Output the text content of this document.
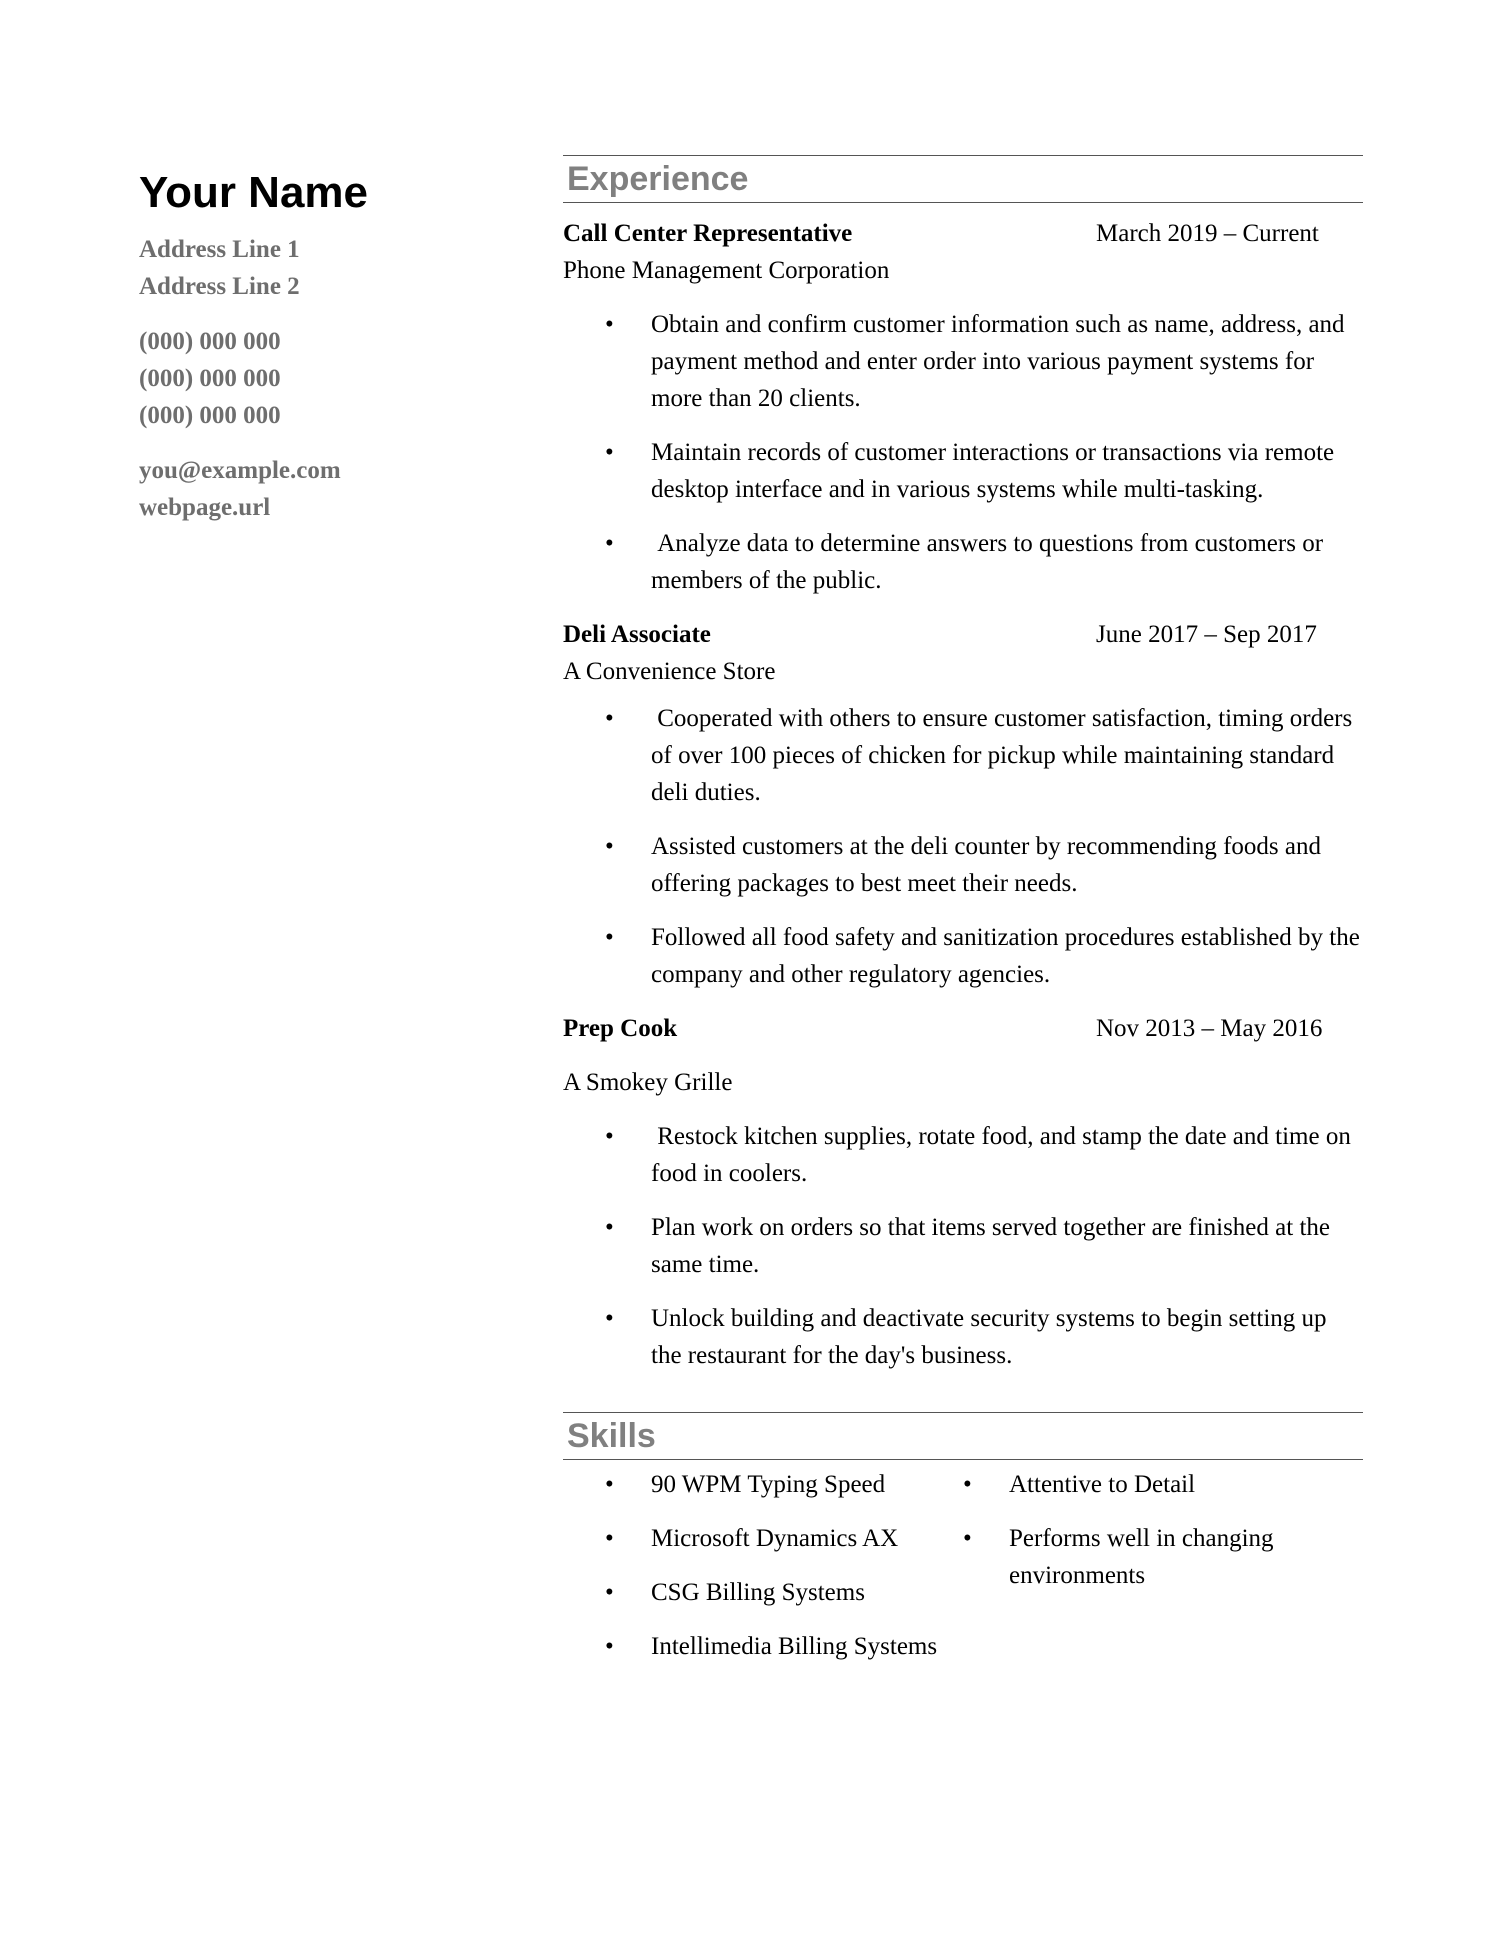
Your Name
Address Line 1
Address Line 2
(000) 000 000
(000) 000 000
(000) 000 000
you@example.com
webpage.url
Experience
Call Center Representative	March 2019 – Current
Phone Management Corporation
• Obtain and confirm customer information such as name, address, and payment method and enter order into various payment systems for more than 20 clients.
• Maintain records of customer interactions or transactions via remote desktop interface and in various systems while multi-tasking.
• Analyze data to determine answers to questions from customers or members of the public.
Deli Associate	June 2017 – Sep 2017
A Convenience Store
• Cooperated with others to ensure customer satisfaction, timing orders of over 100 pieces of chicken for pickup while maintaining standard deli duties.
• Assisted customers at the deli counter by recommending foods and offering packages to best meet their needs.
• Followed all food safety and sanitization procedures established by the company and other regulatory agencies.
Prep Cook	Nov 2013 – May 2016
A Smokey Grille
• Restock kitchen supplies, rotate food, and stamp the date and time on food in coolers.
• Plan work on orders so that items served together are finished at the same time.
• Unlock building and deactivate security systems to begin setting up the restaurant for the day's business.
Skills
• 90 WPM Typing Speed
• Microsoft Dynamics AX
• CSG Billing Systems
• Intellimedia Billing Systems
• Attentive to Detail
• Performs well in changing environments
